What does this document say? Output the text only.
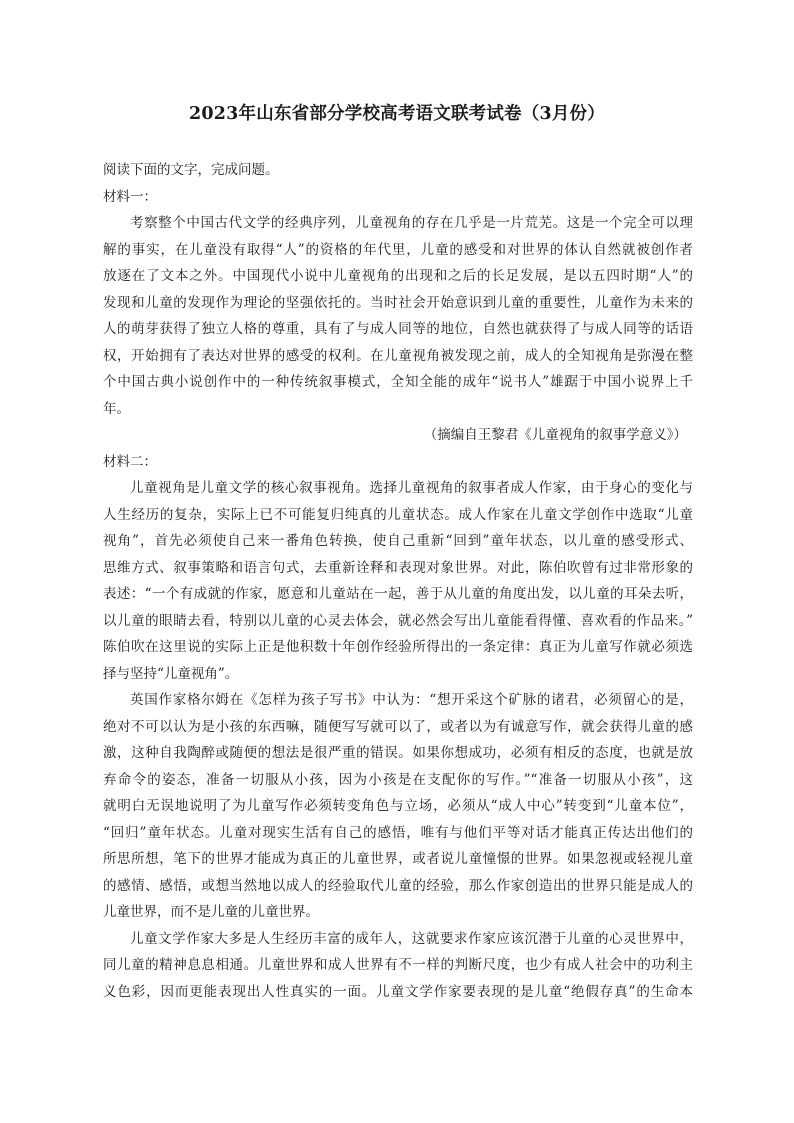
2023年山东省部分学校高考语文联考试卷（3月份）
阅读下面的文字，完成问题。
材料一：
考察整个中国古代文学的经典序列，儿童视角的存在几乎是一片荒芜。这是一个完全可以理
解的事实，在儿童没有取得“人”的资格的年代里，儿童的感受和对世界的体认自然就被创作者
放逐在了文本之外。中国现代小说中儿童视角的出现和之后的长足发展，是以五四时期“人”的
发现和儿童的发现作为理论的坚强依托的。当时社会开始意识到儿童的重要性，儿童作为未来的
人的萌芽获得了独立人格的尊重，具有了与成人同等的地位，自然也就获得了与成人同等的话语
权，开始拥有了表达对世界的感受的权利。在儿童视角被发现之前，成人的全知视角是弥漫在整
个中国古典小说创作中的一种传统叙事模式，全知全能的成年“说书人”雄踞于中国小说界上千
年。
（摘编自王黎君《儿童视角的叙事学意义》）
材料二：
儿童视角是儿童文学的核心叙事视角。选择儿童视角的叙事者成人作家，由于身心的变化与
人生经历的复杂，实际上已不可能复归纯真的儿童状态。成人作家在儿童文学创作中选取“儿童
视角”，首先必须使自己来一番角色转换，使自己重新“回到”童年状态，以儿童的感受形式、
思维方式、叙事策略和语言句式，去重新诠释和表现对象世界。对此，陈伯吹曾有过非常形象的
表述：“一个有成就的作家，愿意和儿童站在一起，善于从儿童的角度出发，以儿童的耳朵去听，
以儿童的眼睛去看，特别以儿童的心灵去体会，就必然会写出儿童能看得懂、喜欢看的作品来。”
陈伯吹在这里说的实际上正是他积数十年创作经验所得出的一条定律：真正为儿童写作就必须选
择与坚持“儿童视角”。
英国作家格尔姆在《怎样为孩子写书》中认为：“想开采这个矿脉的诸君，必须留心的是，
绝对不可以认为是小孩的东西嘛，随便写写就可以了，或者以为有诚意写作，就会获得儿童的感
激，这种自我陶醉或随便的想法是很严重的错误。如果你想成功，必须有相反的态度，也就是放
弃命令的姿态，准备一切服从小孩，因为小孩是在支配你的写作。”“准备一切服从小孩”，这
就明白无误地说明了为儿童写作必须转变角色与立场，必须从“成人中心”转变到“儿童本位”，
“回归”童年状态。儿童对现实生活有自己的感悟，唯有与他们平等对话才能真正传达出他们的
所思所想，笔下的世界才能成为真正的儿童世界，或者说儿童憧憬的世界。如果忽视或轻视儿童
的感情、感悟，或想当然地以成人的经验取代儿童的经验，那么作家创造出的世界只能是成人的
儿童世界，而不是儿童的儿童世界。
儿童文学作家大多是人生经历丰富的成年人，这就要求作家应该沉潜于儿童的心灵世界中，
同儿童的精神息息相通。儿童世界和成人世界有不一样的判断尺度，也少有成人社会中的功利主
义色彩，因而更能表现出人性真实的一面。儿童文学作家要表现的是儿童“绝假存真”的生命本
